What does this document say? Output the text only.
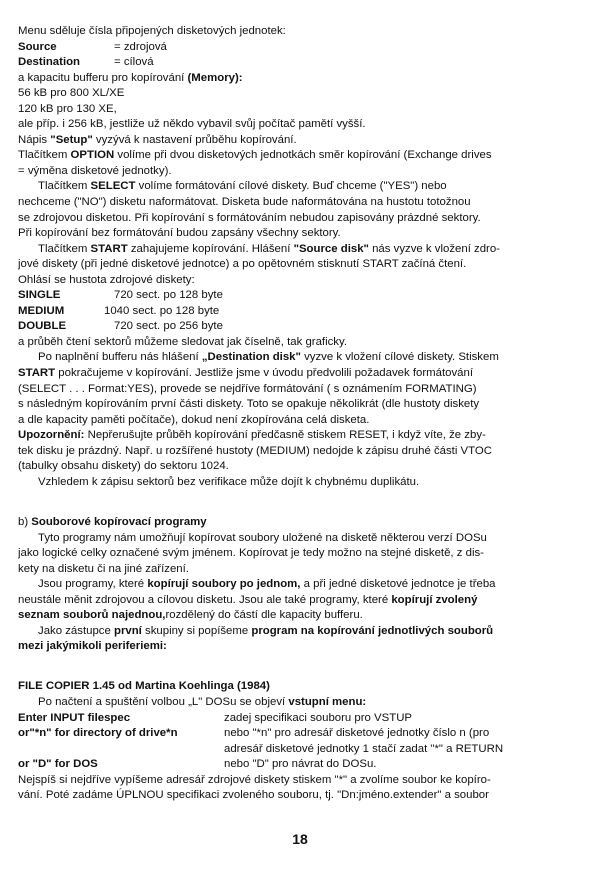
Menu sděluje čísla připojených disketových jednotek:
Source	= zdrojová
Destination	= cílová
a kapacitu bufferu pro kopírování (Memory):
56 kB pro 800 XL/XE
120 kB pro 130 XE,
ale příp. i 256 kB, jestliže už někdo vybavil svůj počítač pamětí vyšší.
Nápis "Setup" vyzývá k nastavení průběhu kopírování.
Tlačítkem OPTION volíme při dvou disketových jednotkách směr kopírování (Exchange drives
= výměna disketové jednotky).
Tlačítkem SELECT volíme formátování cílové diskety. Buď chceme ("YES") nebo
nechceme ("NO") disketu naformátovat. Disketa bude naformátována na hustotu totožnou
se zdrojovou disketou. Při kopírování s formátováním nebudou zapisovány prázdné sektory.
Při kopírování bez formátování budou zapsány všechny sektory.
Tlačítkem START zahajujeme kopírování. Hlášení "Source disk" nás vyzve k vložení zdro-
jové diskety (při jedné disketové jednotce) a po opětovném stisknutí START začíná čtení.
Ohlásí se hustota zdrojové diskety:
SINGLE	720 sect. po 128 byte
MEDIUM	1040 sect. po 128 byte
DOUBLE	720 sect. po 256 byte
a průběh čtení sektorů můžeme sledovat jak číselně, tak graficky.
Po naplnění bufferu nás hlášení „Destination disk" vyzve k vložení cílové diskety. Stiskem
START pokračujeme v kopírování. Jestliže jsme v úvodu předvolili požadavek formátování
(SELECT . . . Format:YES), provede se nejdříve formátování ( s oznámením FORMATING)
s následným kopírováním první části diskety. Toto se opakuje několikrát (dle hustoty diskety
a dle kapacity paměti počítače), dokud není zkopírována celá disketa.
Upozornění: Nepřerušujte průběh kopírování předčasně stiskem RESET, i když víte, že zby-
tek disku je prázdný. Např. u rozšířené hustoty (MEDIUM) nedojde k zápisu druhé části VTOC
(tabulky obsahu diskety) do sektoru 1024.
Vzhledem k zápisu sektorů bez verifikace může dojít k chybnému duplikátu.
b) Souborové kopírovací programy
Tyto programy nám umožňují kopírovat soubory uložené na disketě některou verzí DOSu
jako logické celky označené svým jménem. Kopírovat je tedy možno na stejné disketě, z dis-
kety na disketu či na jiné zařízení.
Jsou programy, které kopírují soubory po jednom, a při jedné disketové jednotce je třeba
neustále měnit zdrojovou a cílovou disketu. Jsou ale také programy, které kopírují zvolený
seznam souborů najednou,rozdělený do částí dle kapacity bufferu.
Jako zástupce první skupiny si popíšeme program na kopírování jednotlivých souborů
mezi jakýmikoli periferiemi:
FILE COPIER 1.45 od Martina Koehlinga (1984)
Po načtení a spuštění volbou „L" DOSu se objeví vstupní menu:
Enter INPUT filespec	zadej specifikaci souboru pro VSTUP
or"*n" for directory of drive*n	nebo "*n" pro adresář disketové jednotky číslo n (pro
adresář disketové jednotky 1 stačí zadat "*" a RETURN
or "D" for DOS	nebo "D" pro návrat do DOSu.
Nejspíš si nejdříve vypíšeme adresář zdrojové diskety stiskem "*" a zvolíme soubor ke kopíro-
vání. Poté zadáme ÚPLNOU specifikaci zvoleného souboru, tj. "Dn:jméno.extender" a soubor
18
